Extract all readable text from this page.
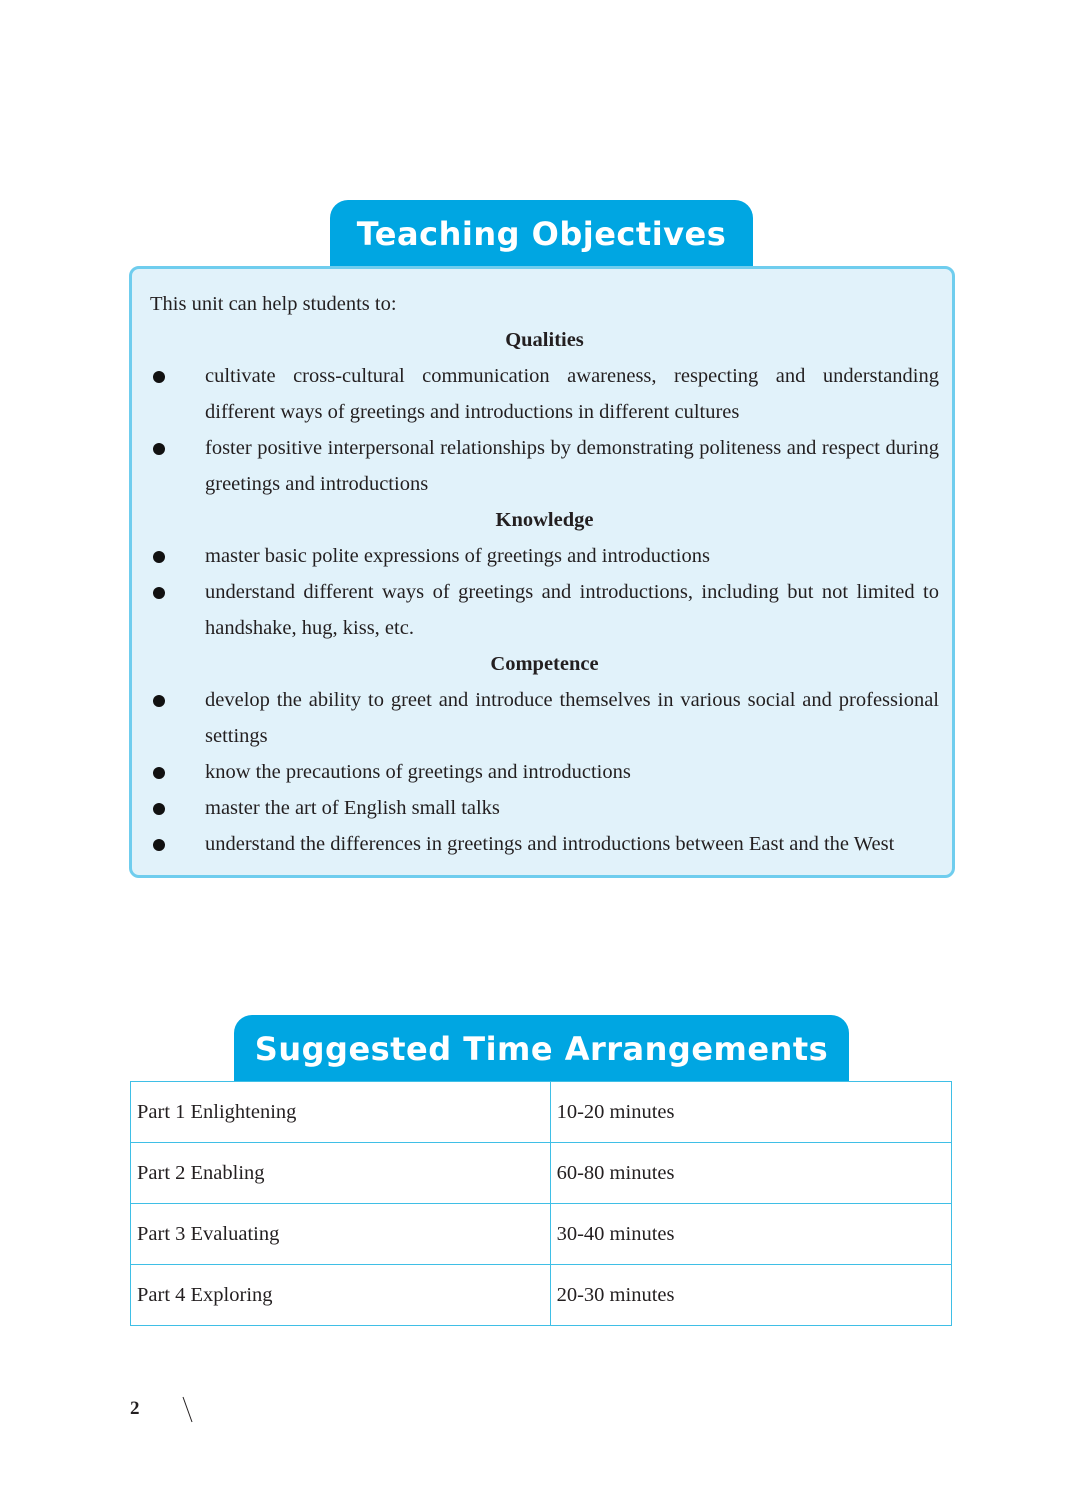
Teaching Objectives
This unit can help students to:
Qualities
cultivate cross-cultural communication awareness, respecting and understanding different ways of greetings and introductions in different cultures
foster positive interpersonal relationships by demonstrating politeness and respect during greetings and introductions
Knowledge
master basic polite expressions of greetings and introductions
understand different ways of greetings and introductions, including but not limited to handshake, hug, kiss, etc.
Competence
develop the ability to greet and introduce themselves in various social and professional settings
know the precautions of greetings and introductions
master the art of English small talks
understand the differences in greetings and introductions between East and the West
Suggested Time Arrangements
Part 1 Enlightening	10-20 minutes
Part 2 Enabling	60-80 minutes
Part 3 Evaluating	30-40 minutes
Part 4 Exploring	20-30 minutes
2
